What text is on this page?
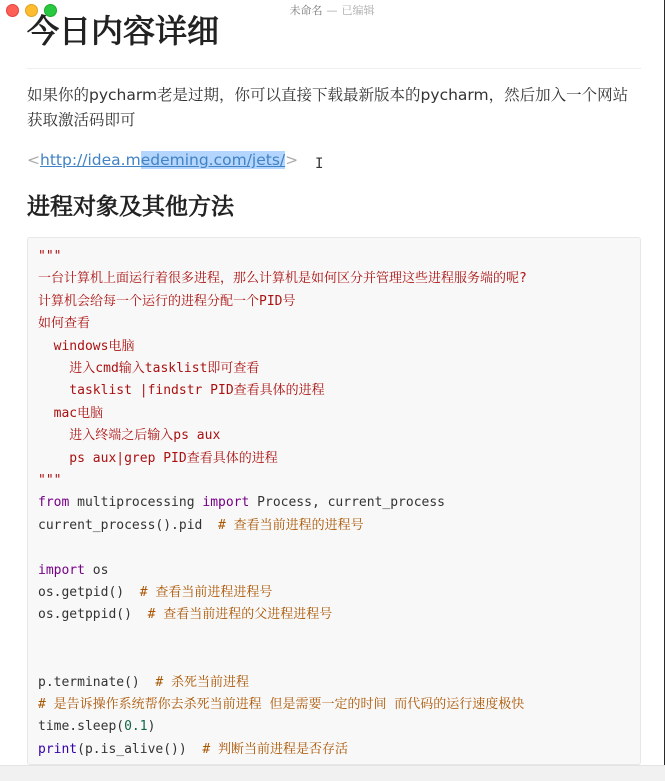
未命名 — 已编辑
今日内容详细

如果你的pycharm老是过期，你可以直接下载最新版本的pycharm，然后加入一个网站获取激活码即可

<http://idea.medeming.com/jets/>
进程对象及其他方法
"""
一台计算机上面运行着很多进程，那么计算机是如何区分并管理这些进程服务端的呢?
计算机会给每一个运行的进程分配一个PID号
如何查看
windows电脑
进入cmd输入tasklist即可查看
tasklist |findstr PID查看具体的进程
mac电脑
进入终端之后输入ps aux
ps aux|grep PID查看具体的进程
"""
from multiprocessing import Process, current_process
current_process().pid  # 查看当前进程的进程号
import os
os.getpid()  # 查看当前进程进程号
os.getppid()  # 查看当前进程的父进程进程号
p.terminate()  # 杀死当前进程
# 是告诉操作系统帮你去杀死当前进程 但是需要一定的时间 而代码的运行速度极快
time.sleep(0.1)
print(p.is_alive())  # 判断当前进程是否存活
I
